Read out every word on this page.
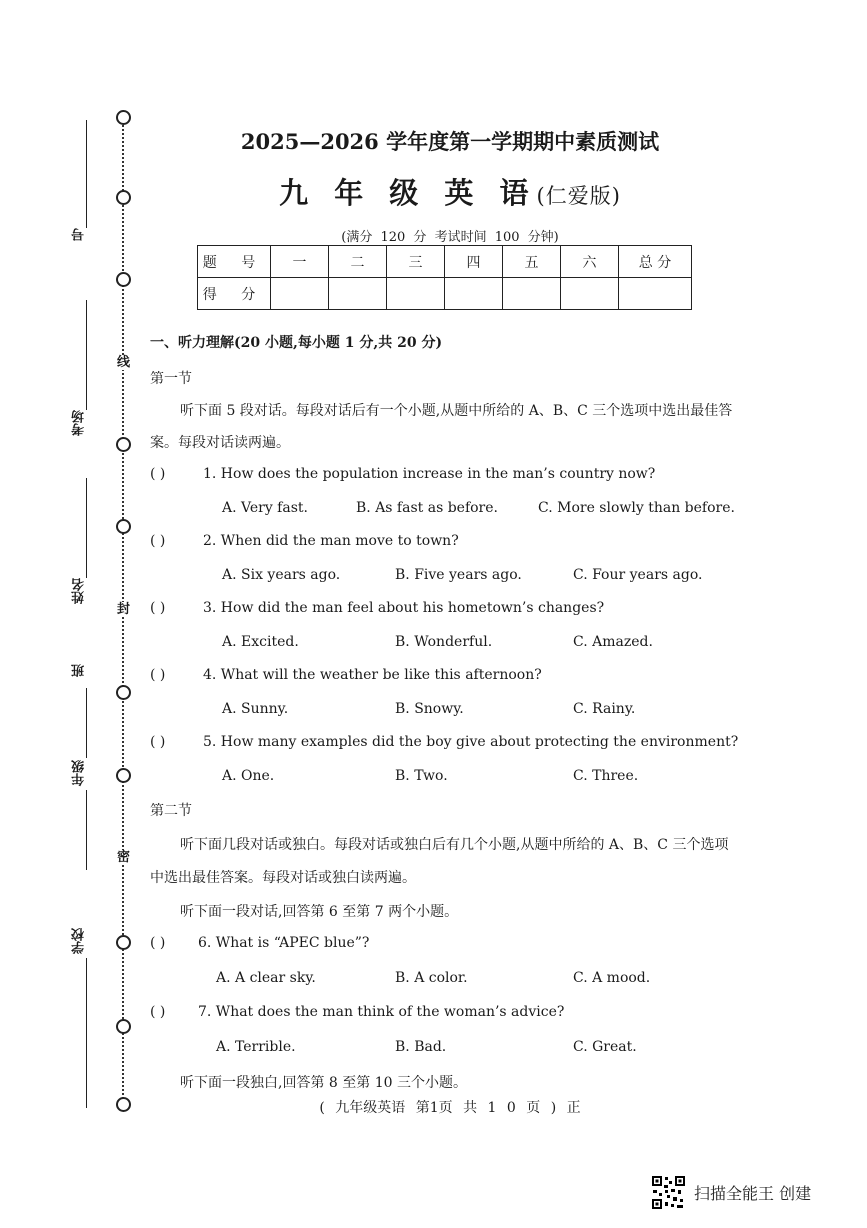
线
封
密
号
考场
姓名
班
年级
学校
2025—2026 学年度第一学期期中素质测试
九 年 级 英 语(仁爱版)
(满分 120 分 考试时间 100 分钟)
题 号	一	二	三	四	五	六	总 分
得 分							
一、听力理解(20 小题,每小题 1 分,共 20 分)
第一节
听下面 5 段对话。每段对话后有一个小题,从题中所给的 A、B、C 三个选项中选出最佳答
案。每段对话读两遍。
( )	1. How does the population increase in the man’s country now?
A. Very fast.	B. As fast as before.	C. More slowly than before.
( )	2. When did the man move to town?
A. Six years ago.	B. Five years ago.	C. Four years ago.
( )	3. How did the man feel about his hometown’s changes?
A. Excited.	B. Wonderful.	C. Amazed.
( )	4. What will the weather be like this afternoon?
A. Sunny.	B. Snowy.	C. Rainy.
( )	5. How many examples did the boy give about protecting the environment?
A. One.	B. Two.	C. Three.
第二节
听下面几段对话或独白。每段对话或独白后有几个小题,从题中所给的 A、B、C 三个选项
中选出最佳答案。每段对话或独白读两遍。
听下面一段对话,回答第 6 至第 7 两个小题。
( ) 6. What is “APEC blue”?
A. A clear sky.	B. A color.	C. A mood.
( ) 7. What does the man think of the woman’s advice?
A. Terrible.	B. Bad.	C. Great.
听下面一段独白,回答第 8 至第 10 三个小题。
( 九年级英语 第1页 共 1 0 页 ) 正
扫描全能王 创建
